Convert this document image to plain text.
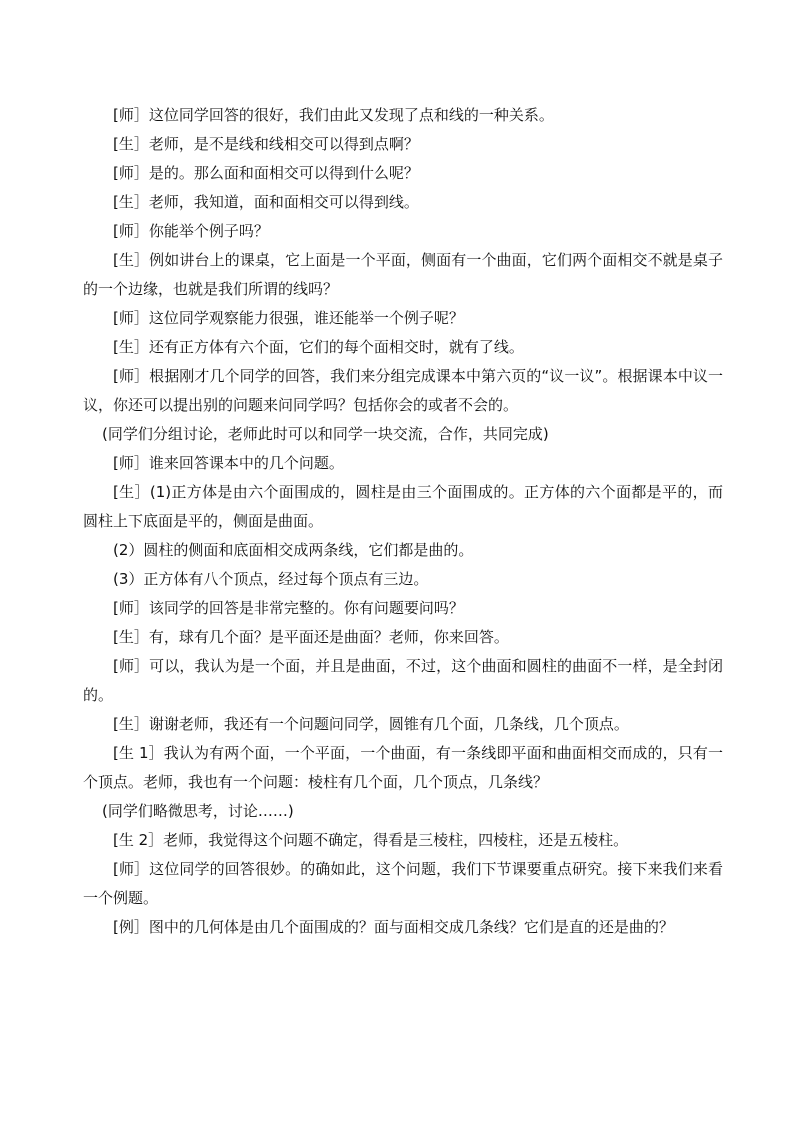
[师］这位同学回答的很好，我们由此又发现了点和线的一种关系。

[生］老师，是不是线和线相交可以得到点啊？

[师］是的。那么面和面相交可以得到什么呢？

[生］老师，我知道，面和面相交可以得到线。

[师］你能举个例子吗？

[生］例如讲台上的课桌，它上面是一个平面，侧面有一个曲面，它们两个面相交不就是桌子的一个边缘，也就是我们所谓的线吗？

[师］这位同学观察能力很强，谁还能举一个例子呢？

[生］还有正方体有六个面，它们的每个面相交时，就有了线。

[师］根据刚才几个同学的回答，我们来分组完成课本中第六页的“议一议”。根据课本中议一议，你还可以提出别的问题来问同学吗？包括你会的或者不会的。

(同学们分组讨论，老师此时可以和同学一块交流，合作，共同完成)

[师］谁来回答课本中的几个问题。

[生］(1)正方体是由六个面围成的，圆柱是由三个面围成的。正方体的六个面都是平的，而圆柱上下底面是平的，侧面是曲面。

(2）圆柱的侧面和底面相交成两条线，它们都是曲的。

(3）正方体有八个顶点，经过每个顶点有三边。

[师］该同学的回答是非常完整的。你有问题要问吗？

[生］有，球有几个面？是平面还是曲面？老师，你来回答。

[师］可以，我认为是一个面，并且是曲面，不过，这个曲面和圆柱的曲面不一样，是全封闭的。

[生］谢谢老师，我还有一个问题问同学，圆锥有几个面，几条线，几个顶点。

[生 1］我认为有两个面，一个平面，一个曲面，有一条线即平面和曲面相交而成的，只有一个顶点。老师，我也有一个问题：棱柱有几个面，几个顶点，几条线？

(同学们略微思考，讨论……)

[生 2］老师，我觉得这个问题不确定，得看是三棱柱，四棱柱，还是五棱柱。

[师］这位同学的回答很妙。的确如此，这个问题，我们下节课要重点研究。接下来我们来看一个例题。

[例］图中的几何体是由几个面围成的？面与面相交成几条线？它们是直的还是曲的？
